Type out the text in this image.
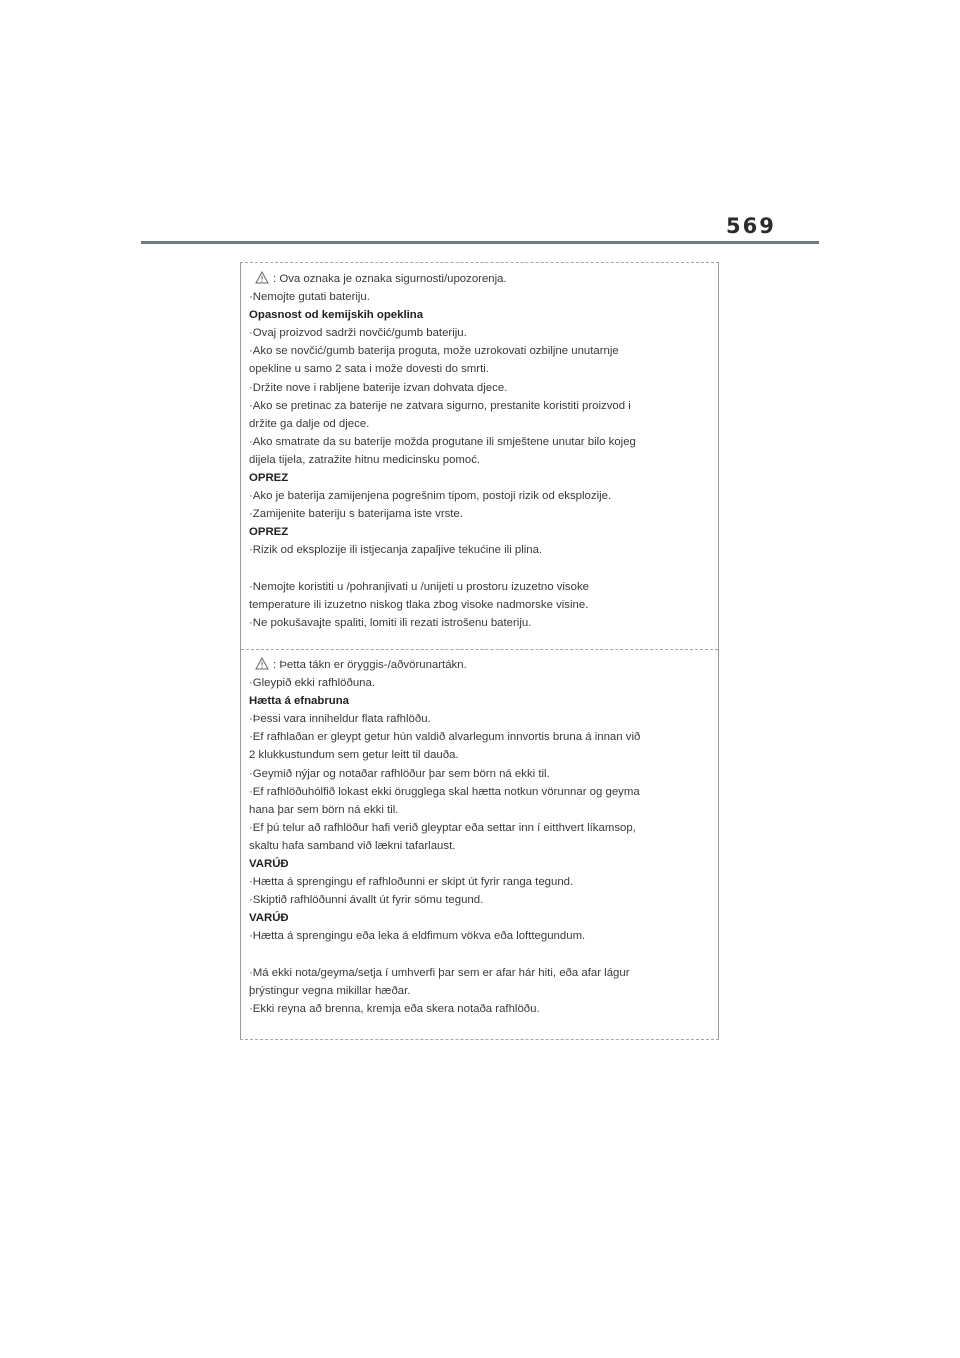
569
: Ova oznaka je oznaka sigurnosti/upozorenja.
·Nemojte gutati bateriju.
Opasnost od kemijskih opeklina
·Ovaj proizvod sadrži novčić/gumb bateriju.
·Ako se novčić/gumb baterija proguta, može uzrokovati ozbiljne unutarnje
opekline u samo 2 sata i može dovesti do smrti.
·Držite nove i rabljene baterije izvan dohvata djece.
·Ako se pretinac za baterije ne zatvara sigurno, prestanite koristiti proizvod i
držite ga dalje od djece.
·Ako smatrate da su baterije možda progutane ili smještene unutar bilo kojeg
dijela tijela, zatražite hitnu medicinsku pomoć.
OPREZ
·Ako je baterija zamijenjena pogrešnim tipom, postoji rizik od eksplozije.
·Zamijenite bateriju s baterijama iste vrste.
OPREZ
·Rizik od eksplozije ili istjecanja zapaljive tekućine ili plina.
·Nemojte koristiti u /pohranjivati u /unijeti u prostoru izuzetno visoke
temperature ili izuzetno niskog tlaka zbog visoke nadmorske visine.
·Ne pokušavajte spaliti, lomiti ili rezati istrošenu bateriju.
: Þetta tákn er öryggis-/aðvörunartákn.
·Gleypið ekki rafhlöðuna.
Hætta á efnabruna
·Þessi vara inniheldur flata rafhlöðu.
·Ef rafhlaðan er gleypt getur hún valdið alvarlegum innvortis bruna á innan við
2 klukkustundum sem getur leitt til dauða.
·Geymið nýjar og notaðar rafhlöður þar sem börn ná ekki til.
·Ef rafhlöðuhólfið lokast ekki örugglega skal hætta notkun vörunnar og geyma
hana þar sem börn ná ekki til.
·Ef þú telur að rafhlöður hafi verið gleyptar eða settar inn í eitthvert líkamsop,
skaltu hafa samband við lækni tafarlaust.
VARÚÐ
·Hætta á sprengingu ef rafhloðunni er skipt út fyrir ranga tegund.
·Skiptið rafhlöðunni ávallt út fyrir sömu tegund.
VARÚÐ
·Hætta á sprengingu eða leka á eldfimum vökva eða lofttegundum.
·Má ekki nota/geyma/setja í umhverfi þar sem er afar hár hiti, eða afar lágur
þrýstingur vegna mikillar hæðar.
·Ekki reyna að brenna, kremja eða skera notaða rafhlöðu.
